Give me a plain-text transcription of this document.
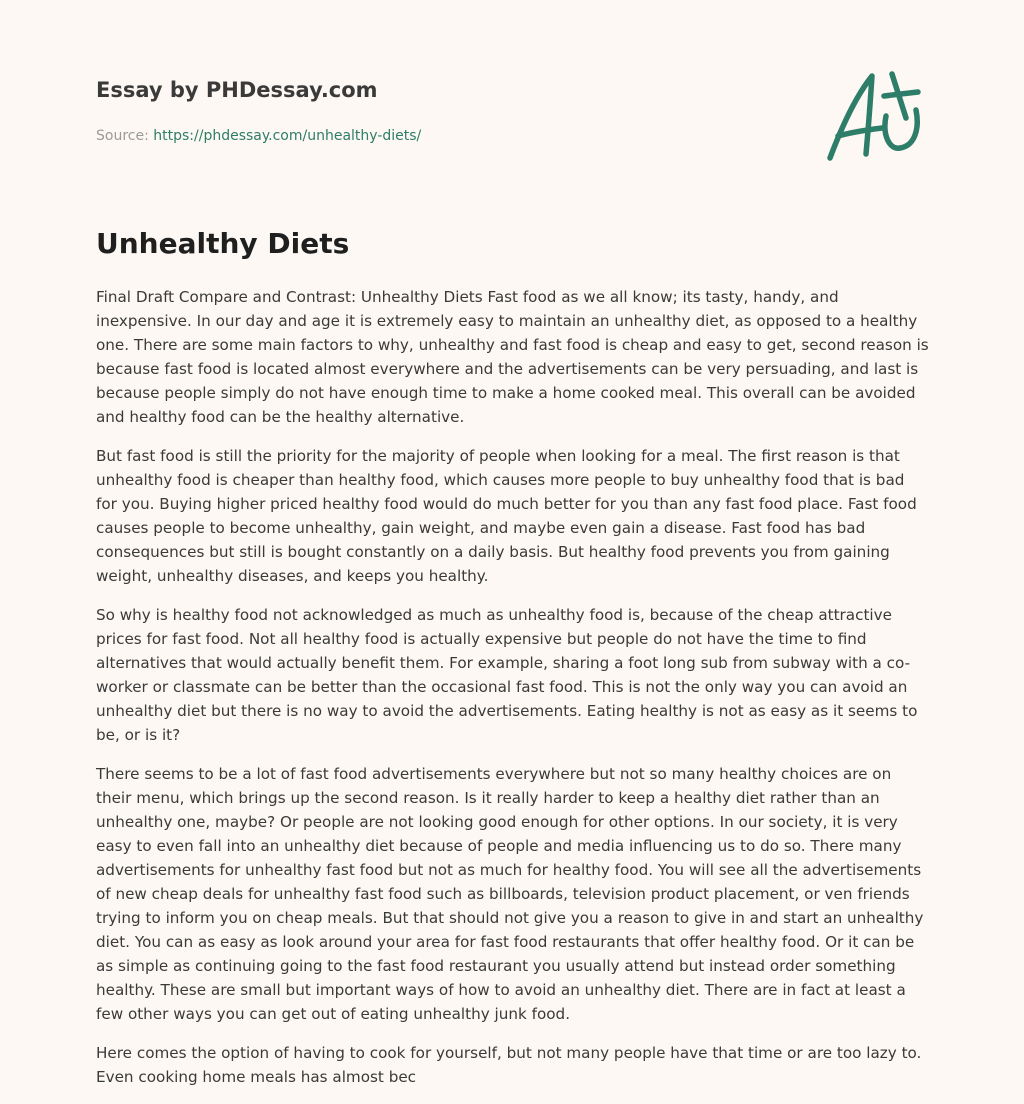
Essay by PHDessay.com
Source: https://phdessay.com/unhealthy-diets/
Unhealthy Diets

Final Draft Compare and Contrast: Unhealthy Diets Fast food as we all know; its tasty, handy, and inexpensive. In our day and age it is extremely easy to maintain an unhealthy diet, as opposed to a healthy one. There are some main factors to why, unhealthy and fast food is cheap and easy to get, second reason is because fast food is located almost everywhere and the advertisements can be very persuading, and last is because people simply do not have enough time to make a home cooked meal. This overall can be avoided and healthy food can be the healthy alternative.

But fast food is still the priority for the majority of people when looking for a meal. The first reason is that unhealthy food is cheaper than healthy food, which causes more people to buy unhealthy food that is bad for you. Buying higher priced healthy food would do much better for you than any fast food place. Fast food causes people to become unhealthy, gain weight, and maybe even gain a disease. Fast food has bad consequences but still is bought constantly on a daily basis. But healthy food prevents you from gaining weight, unhealthy diseases, and keeps you healthy.

So why is healthy food not acknowledged as much as unhealthy food is, because of the cheap attractive prices for fast food. Not all healthy food is actually expensive but people do not have the time to find alternatives that would actually benefit them. For example, sharing a foot long sub from subway with a co-worker or classmate can be better than the occasional fast food. This is not the only way you can avoid an unhealthy diet but there is no way to avoid the advertisements. Eating healthy is not as easy as it seems to be, or is it?

There seems to be a lot of fast food advertisements everywhere but not so many healthy choices are on their menu, which brings up the second reason. Is it really harder to keep a healthy diet rather than an unhealthy one, maybe? Or people are not looking good enough for other options. In our society, it is very easy to even fall into an unhealthy diet because of people and media influencing us to do so. There many advertisements for unhealthy fast food but not as much for healthy food. You will see all the advertisements of new cheap deals for unhealthy fast food such as billboards, television product placement, or ven friends trying to inform you on cheap meals. But that should not give you a reason to give in and start an unhealthy diet. You can as easy as look around your area for fast food restaurants that offer healthy food. Or it can be as simple as continuing going to the fast food restaurant you usually attend but instead order something healthy. These are small but important ways of how to avoid an unhealthy diet. There are in fact at least a few other ways you can get out of eating unhealthy junk food.

Here comes the option of having to cook for yourself, but not many people have that time or are too lazy to. Even cooking home meals has almost bec
